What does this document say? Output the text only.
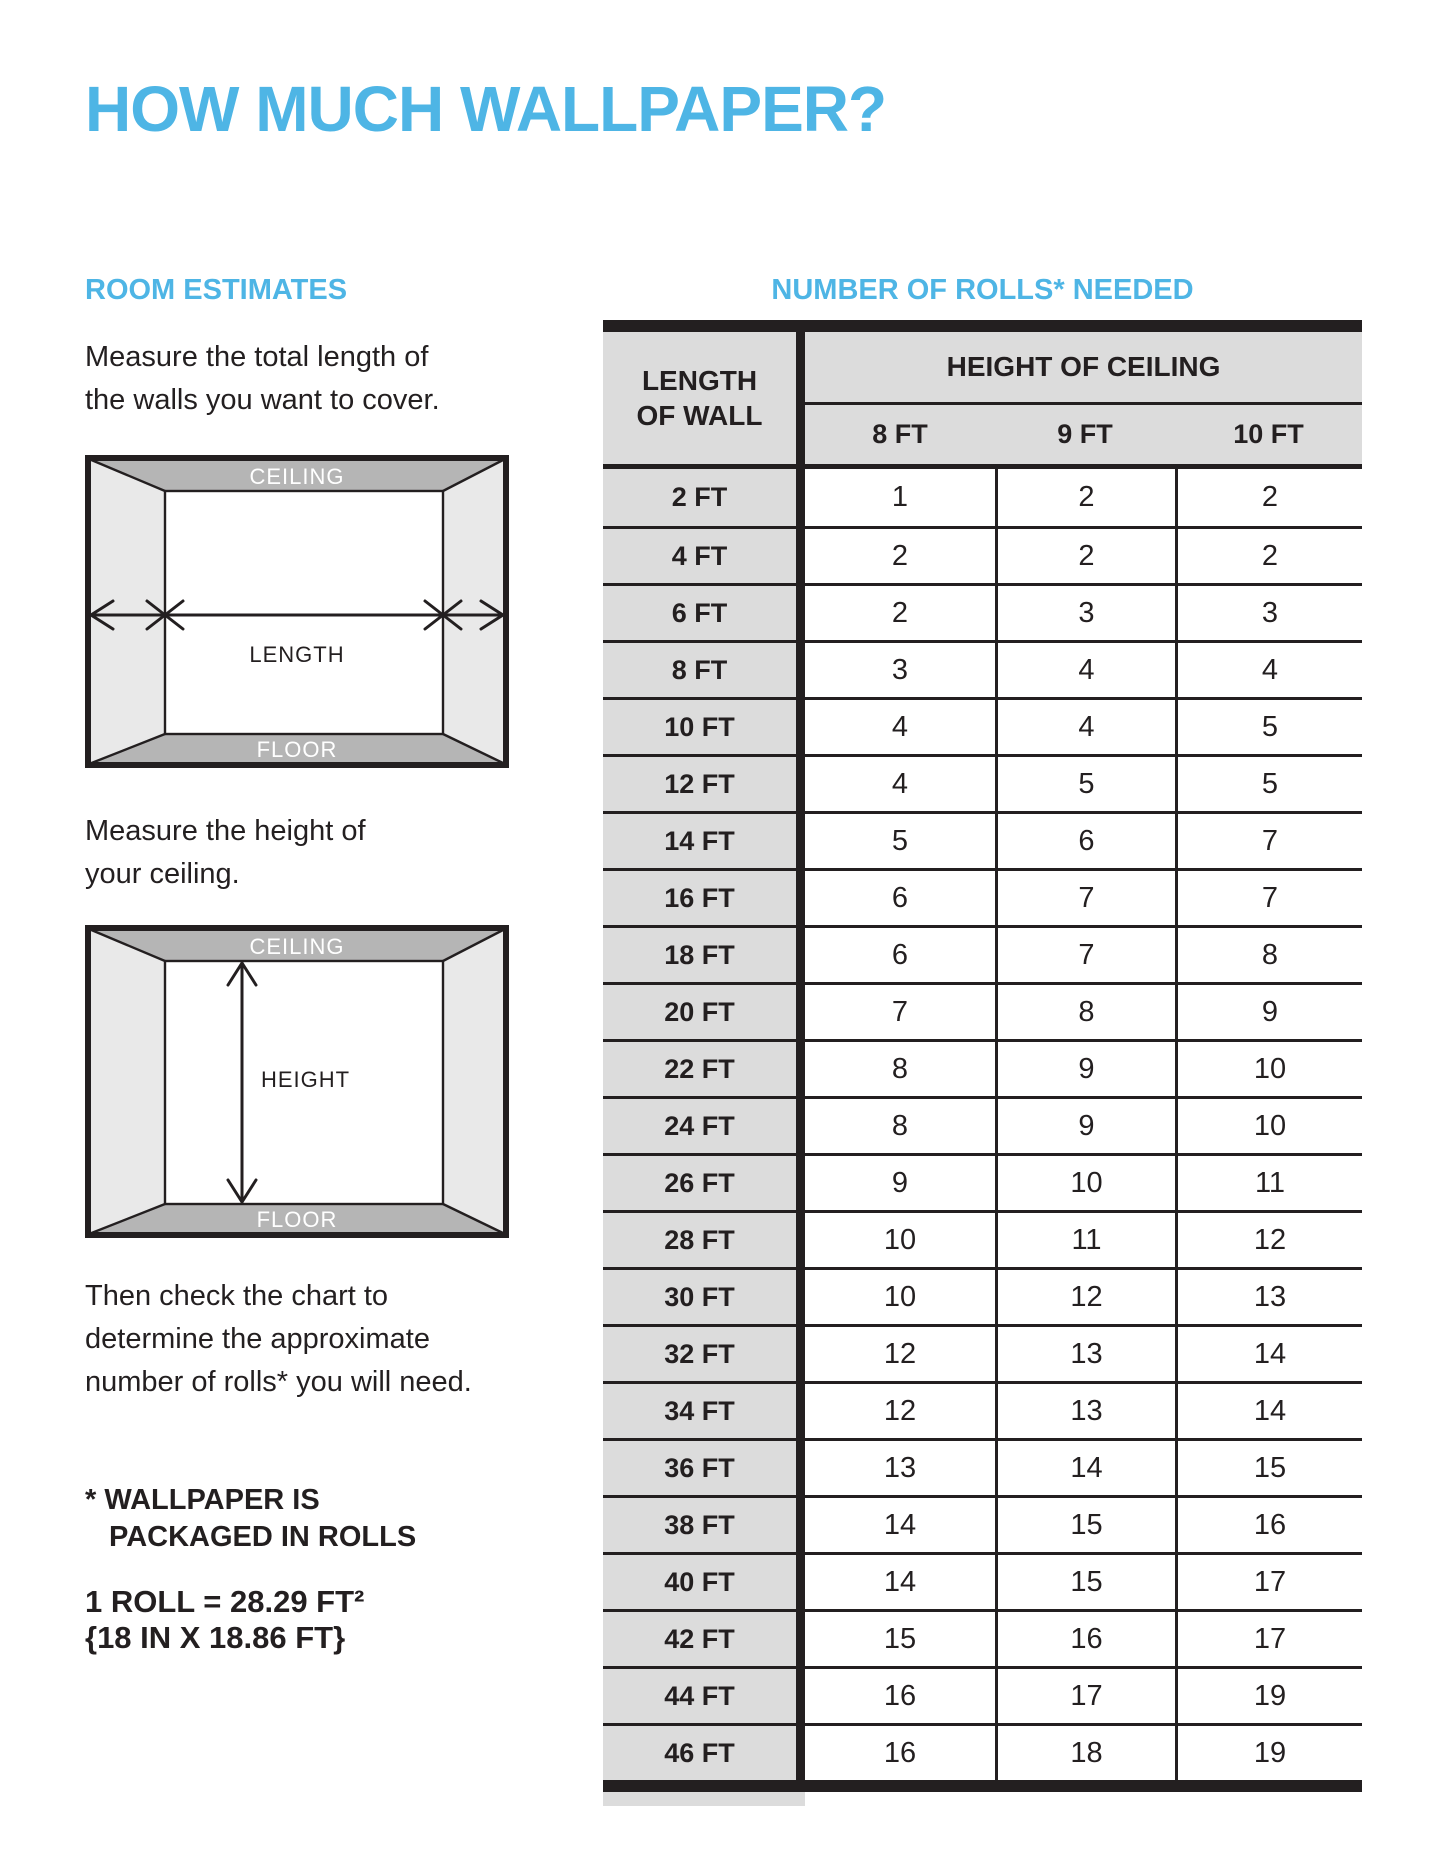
HOW MUCH WALLPAPER?
ROOM ESTIMATES
Measure the total length of
the walls you want to cover.
CEILING
FLOOR
LENGTH
Measure the height of
your ceiling.
CEILING
FLOOR
HEIGHT
Then check the chart to
determine the approximate
number of rolls* you will need.
* WALLPAPER IS
PACKAGED IN ROLLS
1 ROLL = 28.29 FT²
{18 IN X 18.86 FT}
NUMBER OF ROLLS* NEEDED
LENGTH
OF WALL
HEIGHT OF CEILING
8 FT	9 FT	10 FT
2 FT	1	2	2
4 FT	2	2	2
6 FT	2	3	3
8 FT	3	4	4
10 FT	4	4	5
12 FT	4	5	5
14 FT	5	6	7
16 FT	6	7	7
18 FT	6	7	8
20 FT	7	8	9
22 FT	8	9	10
24 FT	8	9	10
26 FT	9	10	11
28 FT	10	11	12
30 FT	10	12	13
32 FT	12	13	14
34 FT	12	13	14
36 FT	13	14	15
38 FT	14	15	16
40 FT	14	15	17
42 FT	15	16	17
44 FT	16	17	19
46 FT	16	18	19
